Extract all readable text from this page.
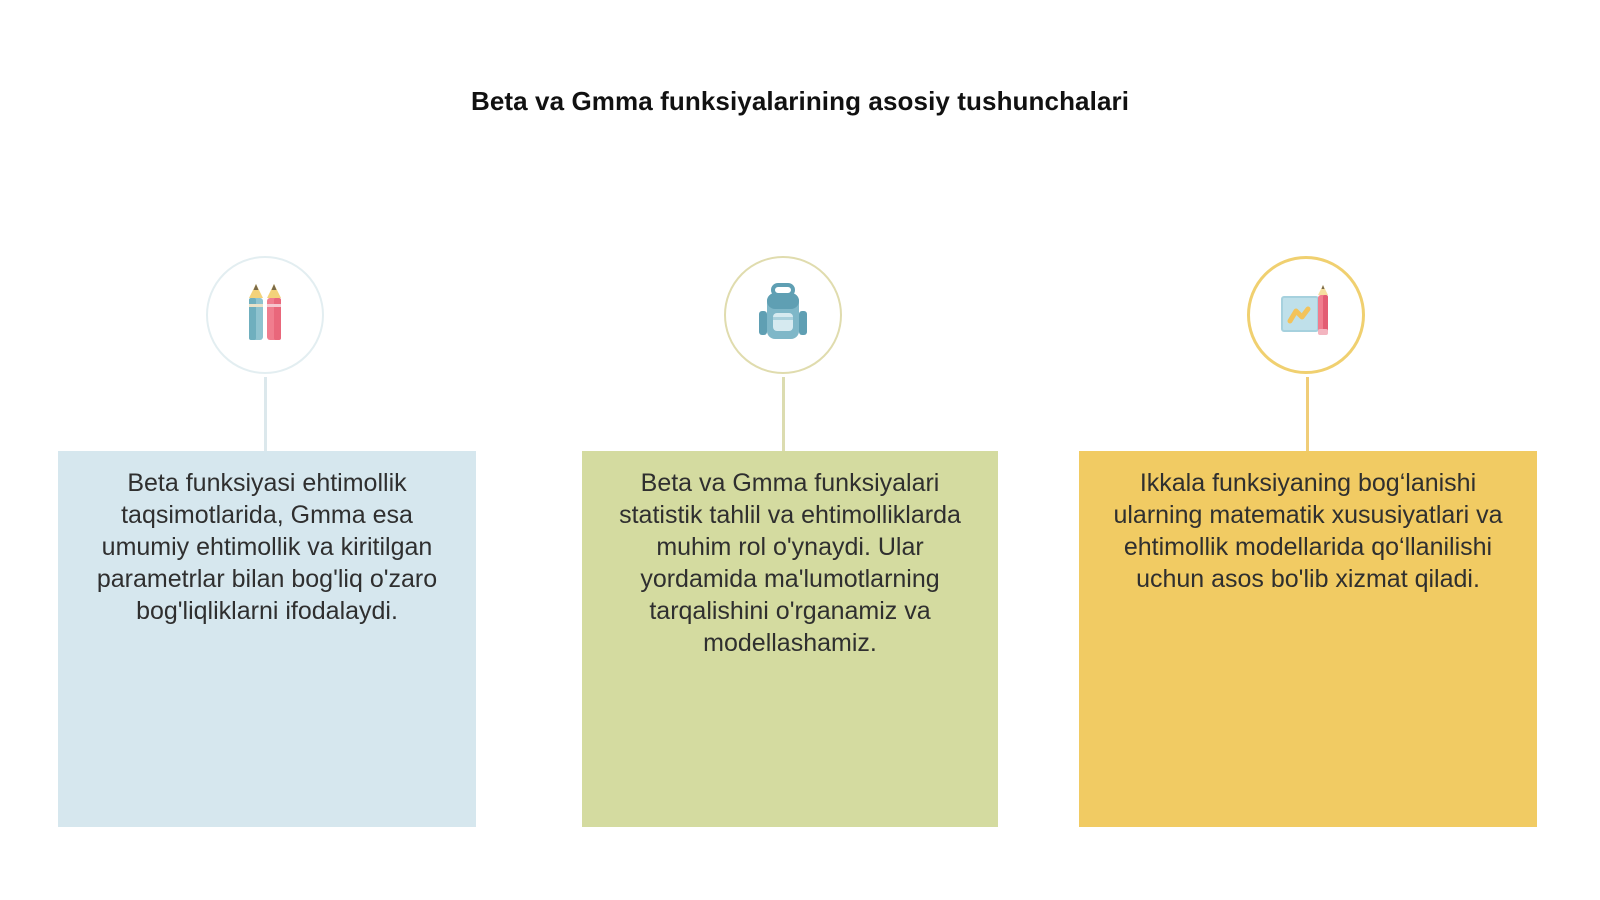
Beta va Gmma funksiyalarining asosiy tushunchalari
Beta funksiyasi ehtimollik taqsimotlarida, Gmma esa umumiy ehtimollik va kiritilgan parametrlar bilan bog'liq o'zaro bog'liqliklarni ifodalaydi.
Beta va Gmma funksiyalari statistik tahlil va ehtimolliklarda muhim rol o'ynaydi. Ular yordamida ma'lumotlarning tarqalishini o'rganamiz va modellashamiz.
Ikkala funksiyaning bog‘lanishi ularning matematik xususiyatlari va ehtimollik modellarida qo‘llanilishi uchun asos bo'lib xizmat qiladi.
